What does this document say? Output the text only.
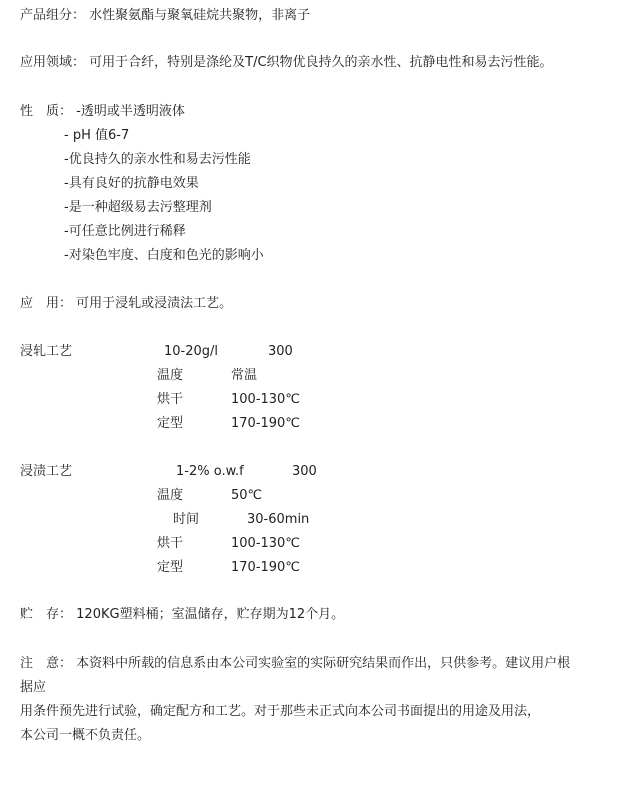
产品组分： 水性聚氨酯与聚氧硅烷共聚物，非离子
应用领域： 可用于合纤，特别是涤纶及T/C织物优良持久的亲水性、抗静电性和易去污性能。
性　质： -透明或半透明液体
- pH 值6-7
-优良持久的亲水性和易去污性能
-具有良好的抗静电效果
-是一种超级易去污整理剂
-可任意比例进行稀释
-对染色牢度、白度和色光的影响小
应　用： 可用于浸轧或浸渍法工艺。
浸轧工艺	10-20g/l	300
温度	常温
烘干	100-130℃
定型	170-190℃
浸渍工艺	1-2% o.w.f	300
温度	50℃
时间	30-60min
烘干	100-130℃
定型	170-190℃
贮　存： 120KG塑料桶；室温储存，贮存期为12个月。
注　意： 本资料中所载的信息系由本公司实验室的实际研究结果而作出，只供参考。建议用户根
据应
用条件预先进行试验，确定配方和工艺。对于那些未正式向本公司书面提出的用途及用法，
本公司一概不负责任。
